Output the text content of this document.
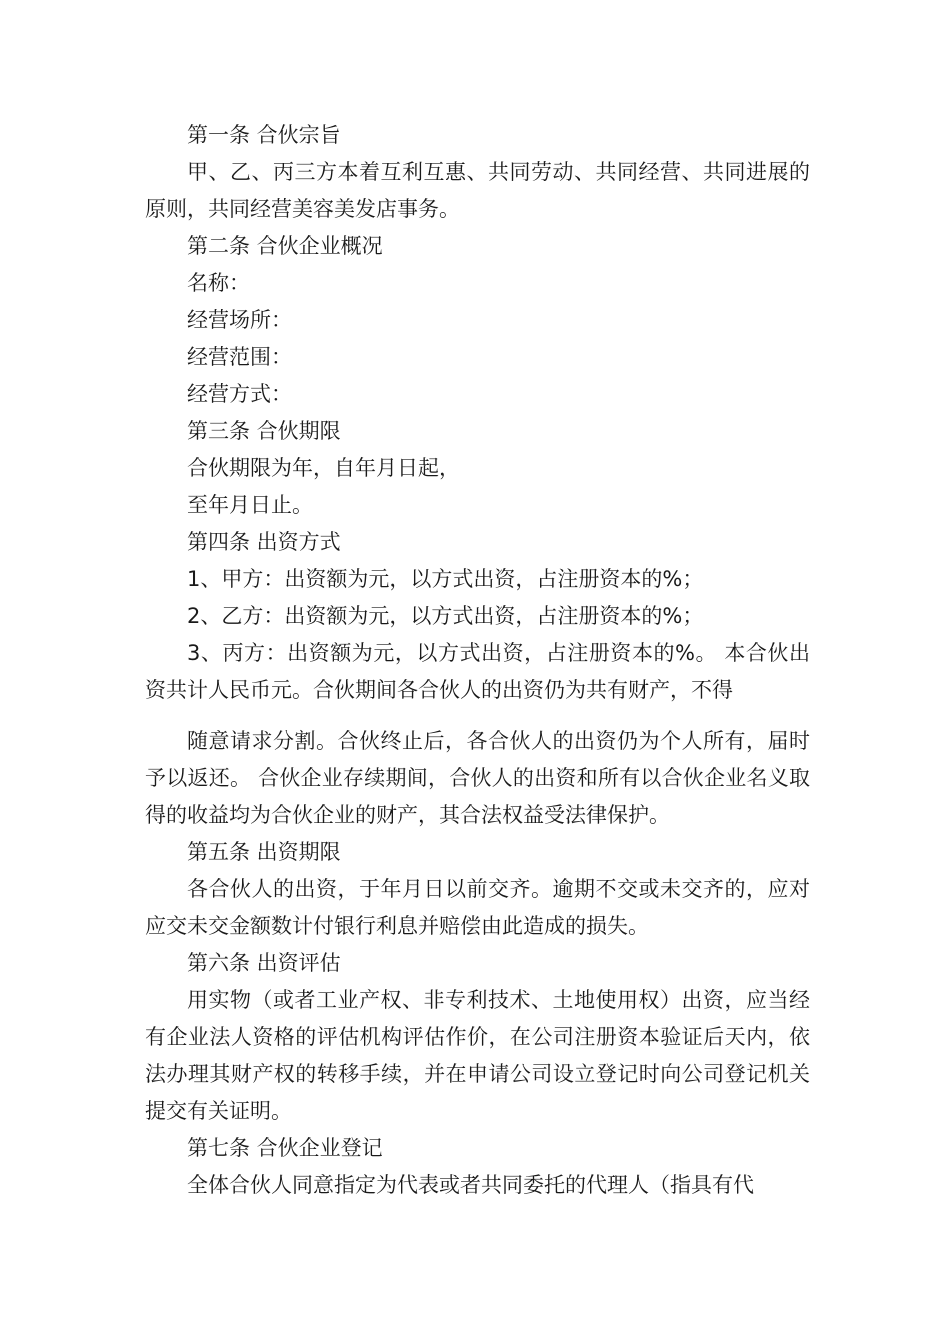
第一条 合伙宗旨

甲、乙、丙三方本着互利互惠、共同劳动、共同经营、共同进展的原则，共同经营美容美发店事务。

第二条 合伙企业概况

名称：

经营场所：

经营范围：

经营方式：

第三条 合伙期限

合伙期限为年，自年月日起，

至年月日止。

第四条 出资方式

1、甲方：出资额为元，以方式出资，占注册资本的%；

2、乙方：出资额为元，以方式出资，占注册资本的%；

3、丙方：出资额为元，以方式出资，占注册资本的%。 本合伙出资共计人民币元。合伙期间各合伙人的出资仍为共有财产，不得

随意请求分割。合伙终止后，各合伙人的出资仍为个人所有，届时予以返还。 合伙企业存续期间，合伙人的出资和所有以合伙企业名义取得的收益均为合伙企业的财产，其合法权益受法律保护。

第五条 出资期限

各合伙人的出资，于年月日以前交齐。逾期不交或未交齐的，应对应交未交金额数计付银行利息并赔偿由此造成的损失。

第六条 出资评估

用实物（或者工业产权、非专利技术、土地使用权）出资，应当经有企业法人资格的评估机构评估作价，在公司注册资本验证后天内，依法办理其财产权的转移手续，并在申请公司设立登记时向公司登记机关提交有关证明。

第七条 合伙企业登记

全体合伙人同意指定为代表或者共同委托的代理人（指具有代
